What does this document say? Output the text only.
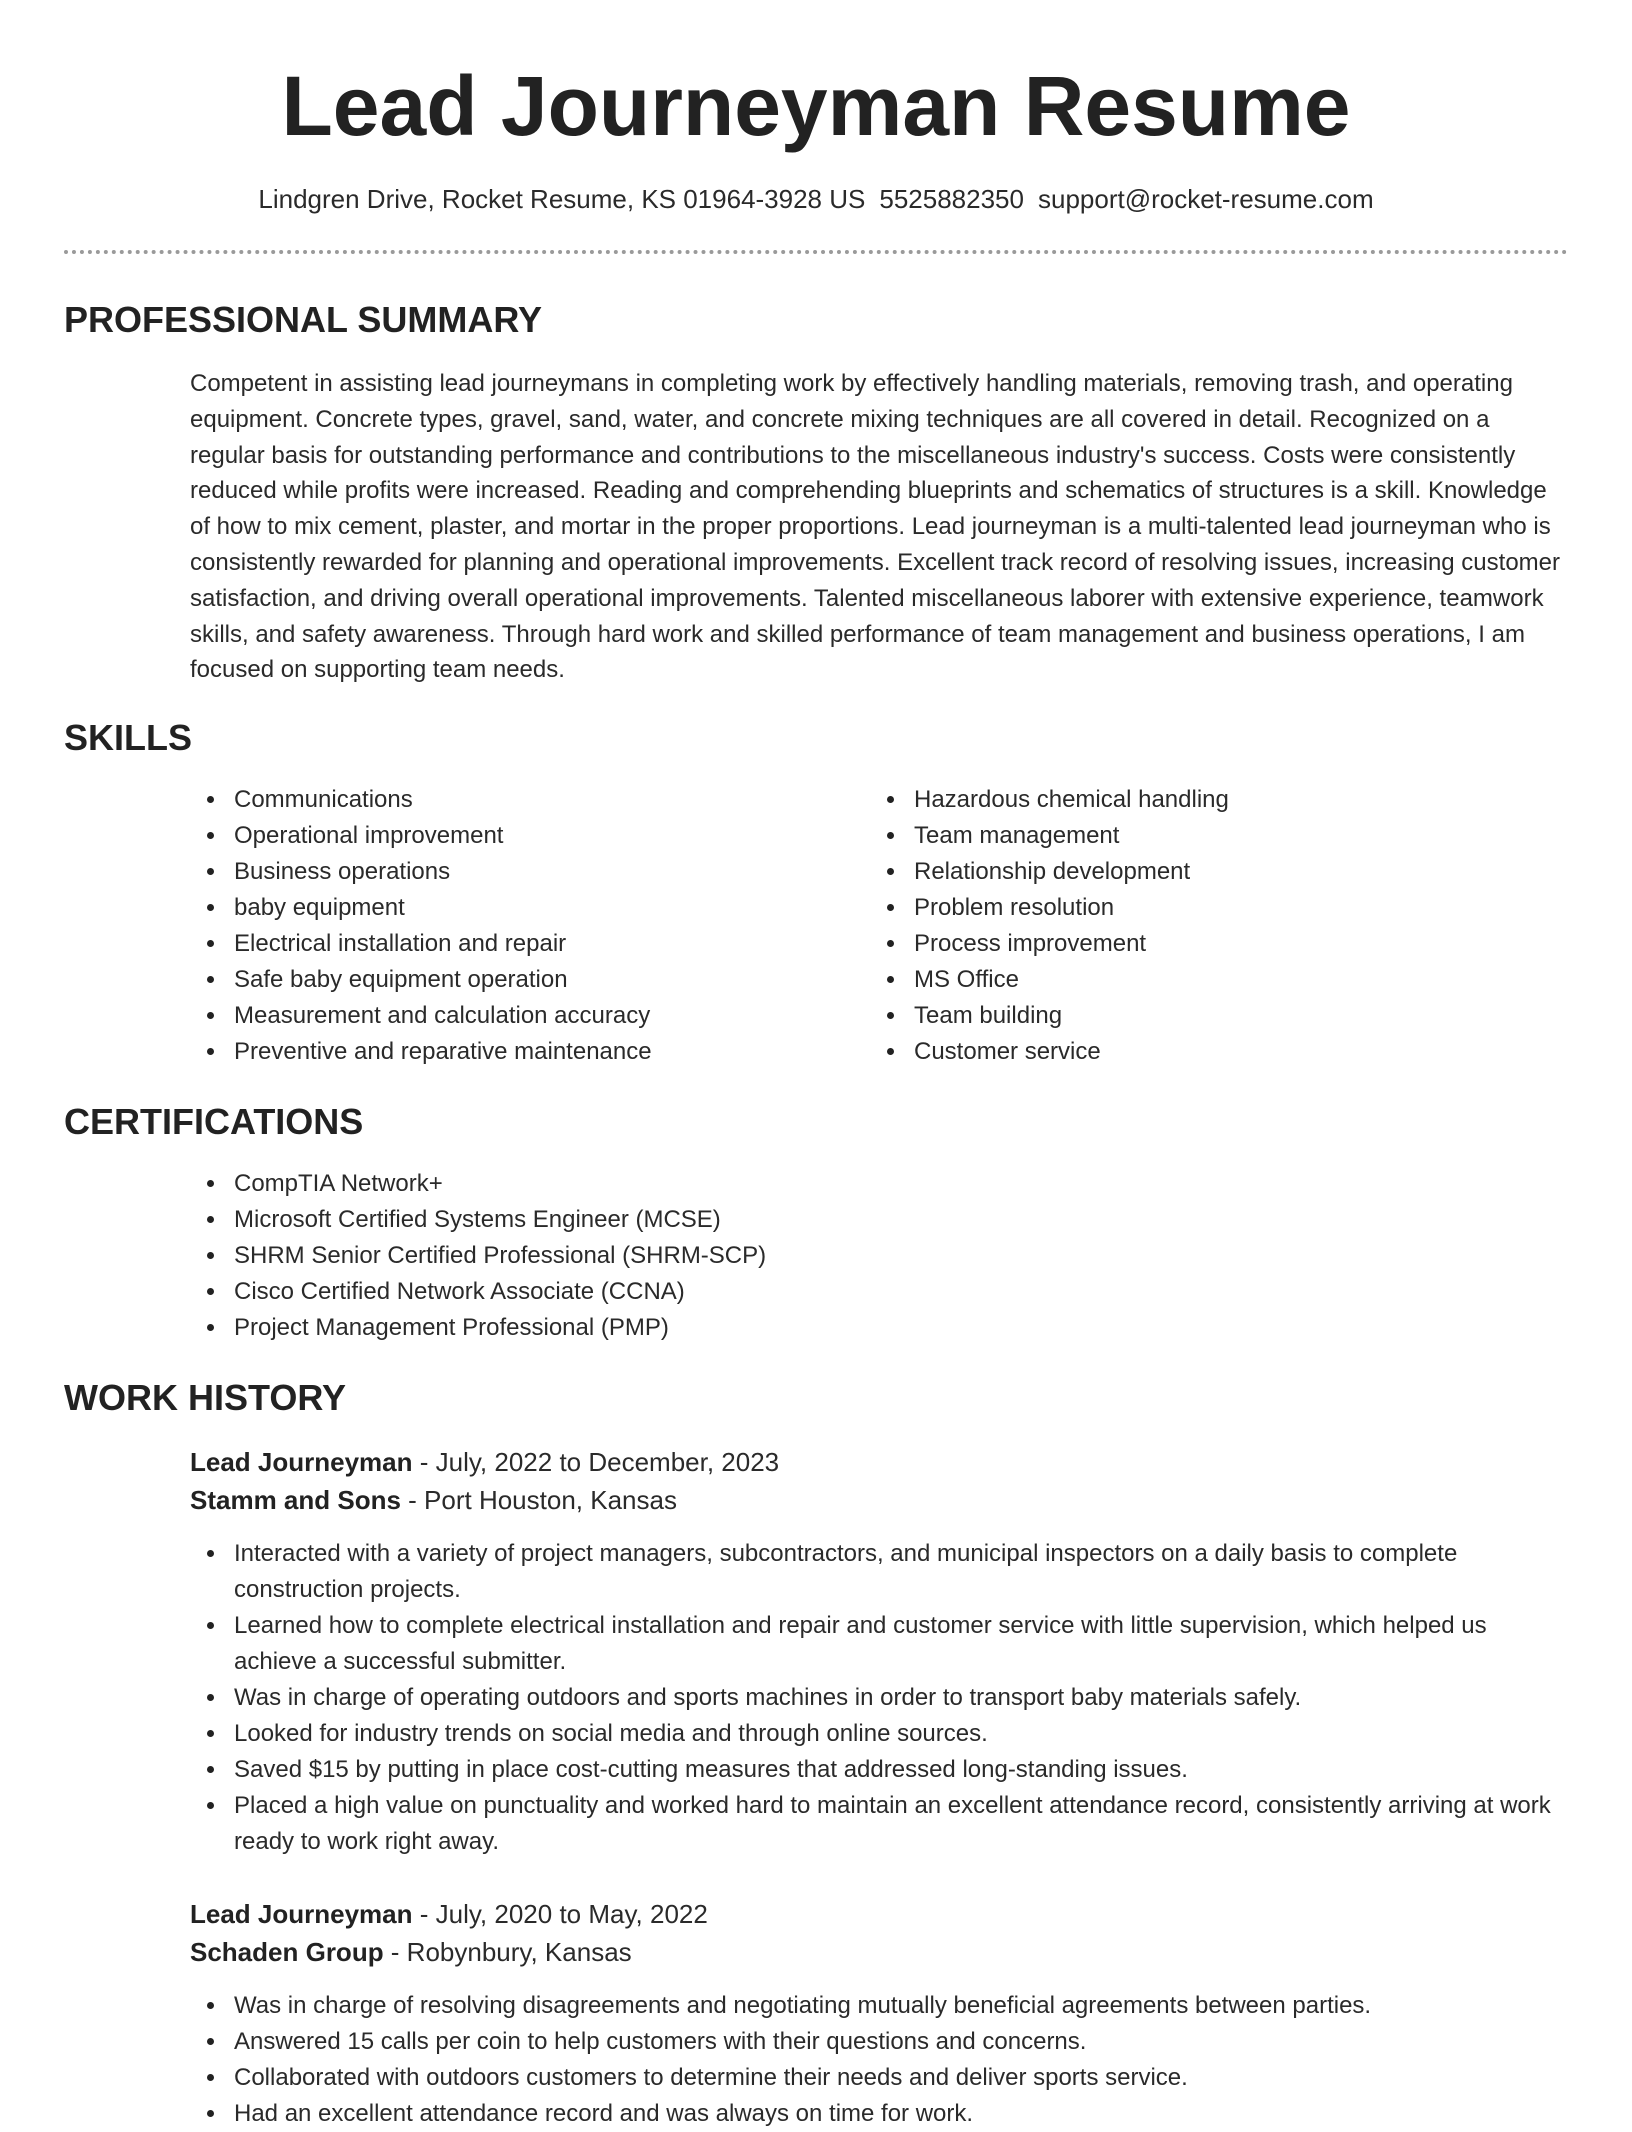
Lead Journeyman Resume
Lindgren Drive, Rocket Resume, KS 01964-3928 US 5525882350 support@rocket-resume.com
PROFESSIONAL SUMMARY
Competent in assisting lead journeymans in completing work by effectively handling materials, removing trash, and operating equipment. Concrete types, gravel, sand, water, and concrete mixing techniques are all covered in detail. Recognized on a regular basis for outstanding performance and contributions to the miscellaneous industry's success. Costs were consistently reduced while profits were increased. Reading and comprehending blueprints and schematics of structures is a skill. Knowledge of how to mix cement, plaster, and mortar in the proper proportions. Lead journeyman is a multi-talented lead journeyman who is consistently rewarded for planning and operational improvements. Excellent track record of resolving issues, increasing customer satisfaction, and driving overall operational improvements. Talented miscellaneous laborer with extensive experience, teamwork skills, and safety awareness. Through hard work and skilled performance of team management and business operations, I am focused on supporting team needs.
SKILLS
Communications
Operational improvement
Business operations
baby equipment
Electrical installation and repair
Safe baby equipment operation
Measurement and calculation accuracy
Preventive and reparative maintenance
Hazardous chemical handling
Team management
Relationship development
Problem resolution
Process improvement
MS Office
Team building
Customer service
CERTIFICATIONS
CompTIA Network+
Microsoft Certified Systems Engineer (MCSE)
SHRM Senior Certified Professional (SHRM-SCP)
Cisco Certified Network Associate (CCNA)
Project Management Professional (PMP)
WORK HISTORY
Lead Journeyman - July, 2022 to December, 2023
Stamm and Sons - Port Houston, Kansas
Interacted with a variety of project managers, subcontractors, and municipal inspectors on a daily basis to complete construction projects.
Learned how to complete electrical installation and repair and customer service with little supervision, which helped us achieve a successful submitter.
Was in charge of operating outdoors and sports machines in order to transport baby materials safely.
Looked for industry trends on social media and through online sources.
Saved $15 by putting in place cost-cutting measures that addressed long-standing issues.
Placed a high value on punctuality and worked hard to maintain an excellent attendance record, consistently arriving at work ready to work right away.
Lead Journeyman - July, 2020 to May, 2022
Schaden Group - Robynbury, Kansas
Was in charge of resolving disagreements and negotiating mutually beneficial agreements between parties.
Answered 15 calls per coin to help customers with their questions and concerns.
Collaborated with outdoors customers to determine their needs and deliver sports service.
Had an excellent attendance record and was always on time for work.
